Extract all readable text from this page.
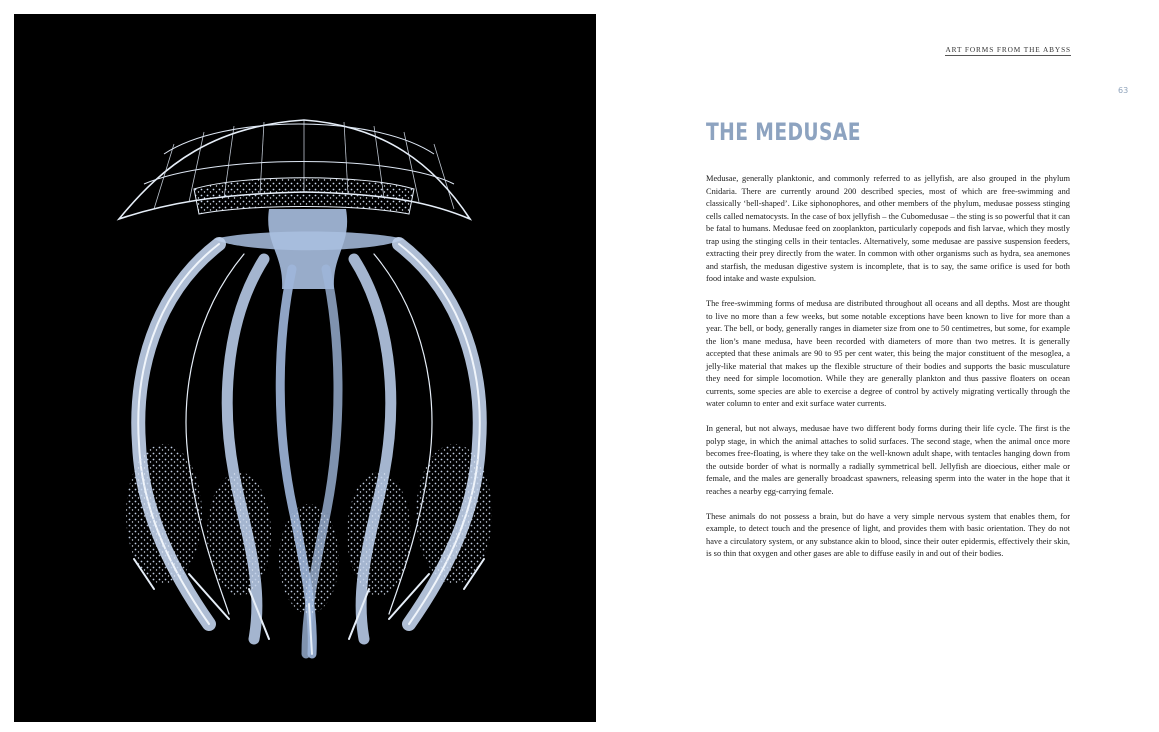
ART FORMS FROM THE ABYSS
63
THE MEDUSAE

Medusae, generally planktonic, and commonly referred to as jellyfish, are also grouped in the phylum Cnidaria. There are currently around 200 described species, most of which are free-swimming and classically ‘bell-shaped’. Like siphonophores, and other members of the phylum, medusae possess stinging cells called nematocysts. In the case of box jellyfish – the Cubomedusae – the sting is so powerful that it can be fatal to humans. Medusae feed on zooplankton, particularly copepods and fish larvae, which they mostly trap using the stinging cells in their tentacles. Alternatively, some medusae are passive suspension feeders, extracting their prey directly from the water. In common with other organisms such as hydra, sea anemones and starfish, the medusan digestive system is incomplete, that is to say, the same orifice is used for both food intake and waste expulsion.

The free-swimming forms of medusa are distributed throughout all oceans and all depths. Most are thought to live no more than a few weeks, but some notable exceptions have been known to live for more than a year. The bell, or body, generally ranges in diameter size from one to 50 centimetres, but some, for example the lion’s mane medusa, have been recorded with diameters of more than two metres. It is generally accepted that these animals are 90 to 95 per cent water, this being the major constituent of the mesoglea, a jelly-like material that makes up the flexible structure of their bodies and supports the basic musculature they need for simple locomotion. While they are generally plankton and thus passive floaters on ocean currents, some species are able to exercise a degree of control by actively migrating vertically through the water column to enter and exit surface water currents.

In general, but not always, medusae have two different body forms during their life cycle. The first is the polyp stage, in which the animal attaches to solid surfaces. The second stage, when the animal once more becomes free-floating, is where they take on the well-known adult shape, with tentacles hanging down from the outside border of what is normally a radially symmetrical bell. Jellyfish are dioecious, either male or female, and the males are generally broadcast spawners, releasing sperm into the water in the hope that it reaches a nearby egg-carrying female.

These animals do not possess a brain, but do have a very simple nervous system that enables them, for example, to detect touch and the presence of light, and provides them with basic orientation. They do not have a circulatory system, or any substance akin to blood, since their outer epidermis, effectively their skin, is so thin that oxygen and other gases are able to diffuse easily in and out of their bodies.
